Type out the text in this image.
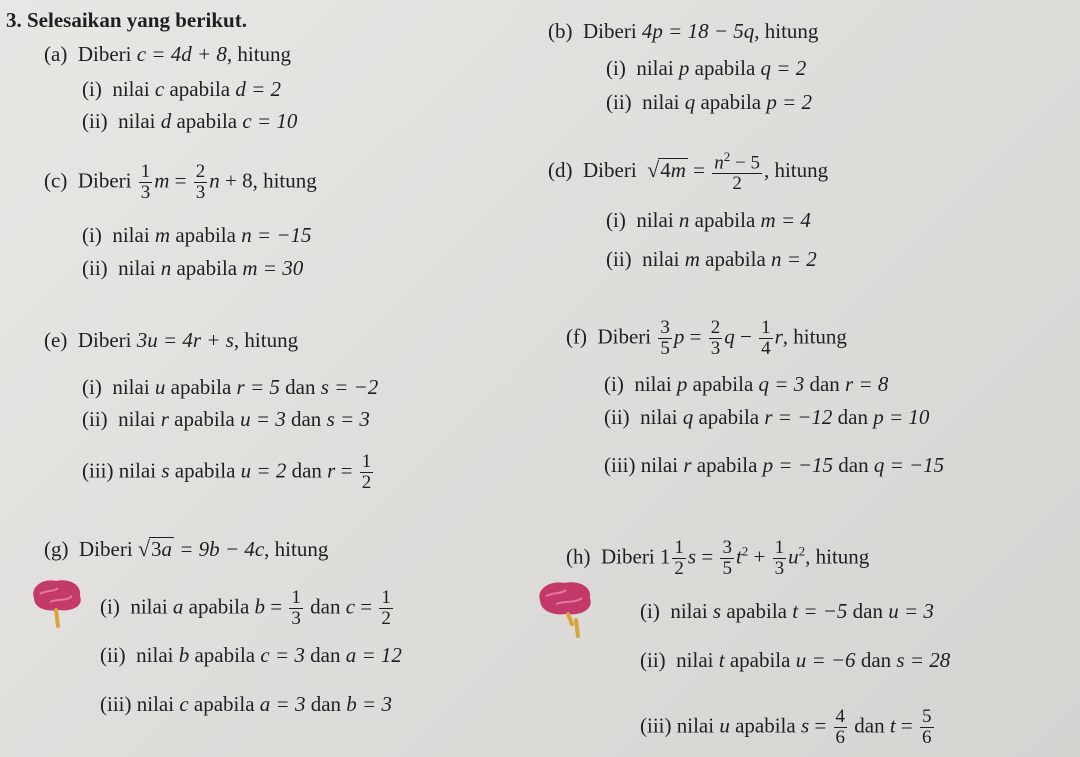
3. Selesaikan yang berikut.
(a) Diberi c = 4d + 8, hitung
(i) nilai c apabila d = 2
(ii) nilai d apabila c = 10
(b) Diberi 4p = 18 − 5q, hitung
(i) nilai p apabila q = 2
(ii) nilai q apabila p = 2
(c) Diberi $\frac{1}{3}$ $m = \frac{2}{3}$ n + 8, hitung
(i) nilai m apabila n = −15
(ii) nilai n apabila m = 30
(d) Diberi $√4m = \frac{n^2 - 5}{2}$ , hitung
(i) nilai n apabila m = 4
(ii) nilai m apabila n = 2
(e) Diberi 3u = 4r + s, hitung
(i) nilai u apabila r = 5 dan s = −2
(ii) nilai r apabila u = 3 dan s = 3
(iii) nilai s apabila u = 2 dan $r = \frac{1}{2}$
(f) Diberi $\frac{3}{5}$ $p = \frac{2}{3}$ $q - \frac{1}{4} r$, hitung
(i) nilai p apabila q = 3 dan r = 8
(ii) nilai q apabila r = −12 dan p = 10
(iii) nilai r apabila p = −15 dan q = −15
(g) Diberi √3a = 9b − 4c, hitung
(i) nilai a apabila $b = \frac{1}{3}$ dan $c = \frac{1}{2}$
(ii) nilai b apabila c = 3 dan a = 12
(iii) nilai c apabila a = 3 dan b = 3
(h) Diberi $1 \frac{1}{2}$ $s = \frac{3}{5} t^2 + \frac{1}{3} u^2$, hitung
(i) nilai s apabila t = −5 dan u = 3
(ii) nilai t apabila u = −6 dan s = 28
(iii) nilai u apabila $s = \frac{4}{6}$ dan $t = \frac{5}{6}$
